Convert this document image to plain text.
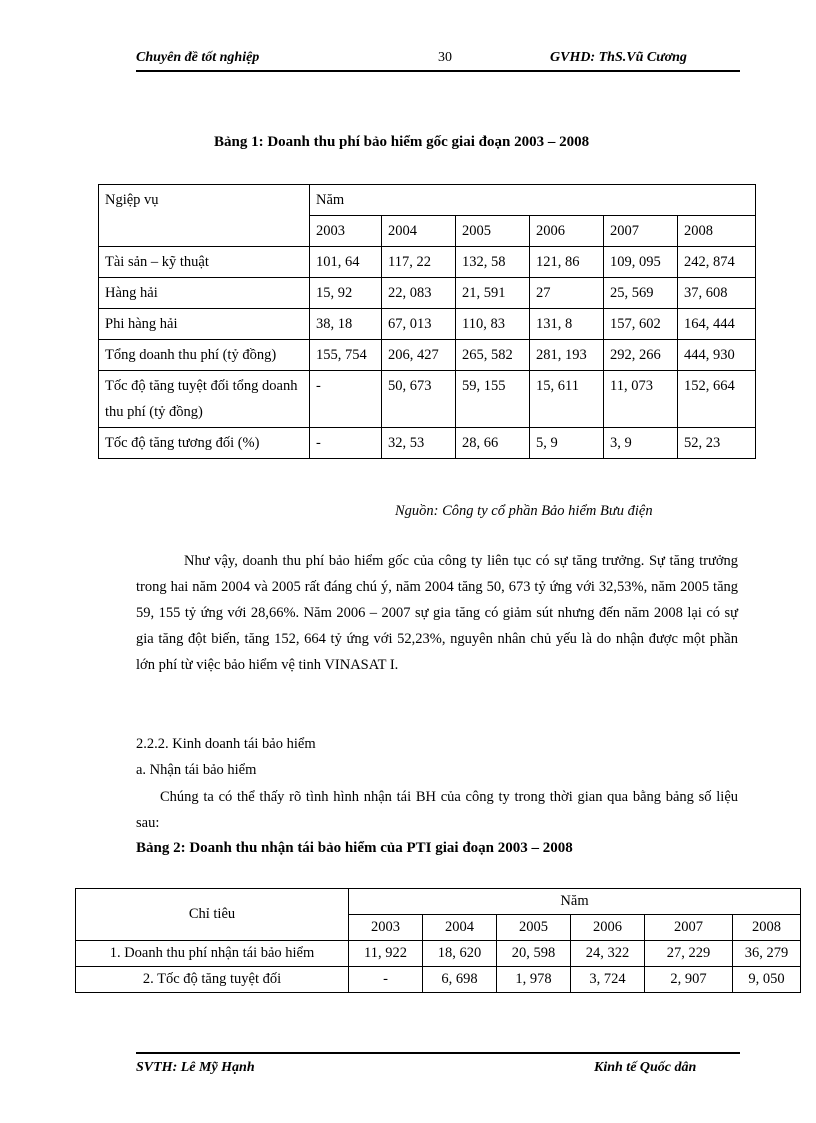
Chuyên đề tốt nghiệp	30	GVHD: ThS.Vũ Cương
Bảng 1: Doanh thu phí bảo hiểm gốc giai đoạn 2003 – 2008
Ngiệp vụ	Năm					
	2003	2004	2005	2006	2007	2008
Tài sản – kỹ thuật	101, 64	117, 22	132, 58	121, 86	109, 095	242, 874
Hàng hải	15, 92	22, 083	21, 591	27	25, 569	37, 608
Phi hàng hải	38, 18	67, 013	110, 83	131, 8	157, 602	164, 444
Tổng doanh thu phí (tỷ đồng)	155, 754	206, 427	265, 582	281, 193	292, 266	444, 930
Tốc độ tăng tuyệt đối tổng doanh thu phí (tỷ đồng)	-	50, 673	59, 155	15, 611	11, 073	152, 664
Tốc độ tăng tương đối (%)	-	32, 53	28, 66	5, 9	3, 9	52, 23
Nguồn: Công ty cổ phần Bảo hiểm Bưu điện
Như vậy, doanh thu phí bảo hiểm gốc của công ty liên tục có sự tăng trưởng. Sự tăng trưởng trong hai năm 2004 và 2005 rất đáng chú ý, năm 2004 tăng 50, 673 tỷ ứng với 32,53%, năm 2005 tăng 59, 155 tỷ ứng với 28,66%. Năm 2006 – 2007 sự gia tăng có giảm sút nhưng đến năm 2008 lại có sự gia tăng đột biến, tăng 152, 664 tỷ ứng với 52,23%, nguyên nhân chủ yếu là do nhận được một phần lớn phí từ việc bảo hiểm vệ tinh VINASAT I.
2.2.2. Kinh doanh tái bảo hiểm
a. Nhận tái bảo hiểm
Chúng ta có thể thấy rõ tình hình nhận tái BH của công ty trong thời gian qua bằng bảng số liệu sau:
Bảng 2: Doanh thu nhận tái bảo hiểm của PTI giai đoạn 2003 – 2008
Chỉ tiêu	Năm					
	2003	2004	2005	2006	2007	2008
1. Doanh thu phí nhận tái bảo hiểm	11, 922	18, 620	20, 598	24, 322	27, 229	36, 279
2. Tốc độ tăng tuyệt đối	-	6, 698	1, 978	3, 724	2, 907	9, 050
SVTH: Lê Mỹ Hạnh	Kinh tế Quốc dân
